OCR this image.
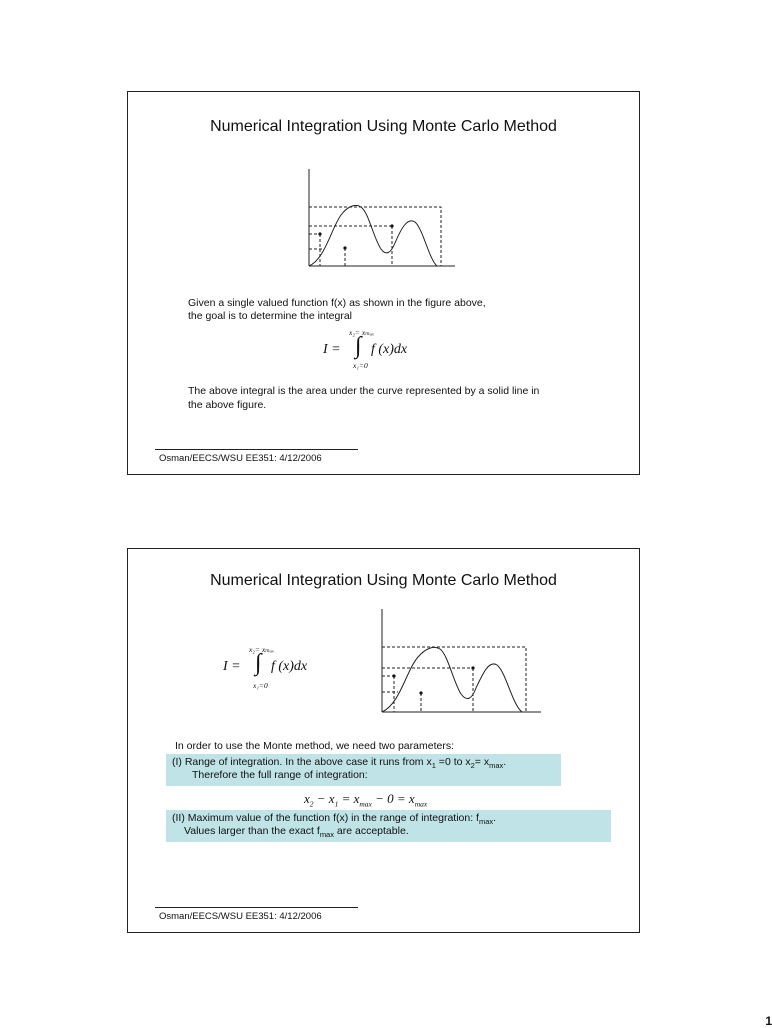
Numerical Integration Using Monte Carlo Method
Given a single valued function f(x) as shown in the figure above,
the goal is to determine the integral
I =
x₂= xₘₐₓ
∫
x₁=0
f (x)dx
The above integral is the area under the curve represented by a solid line in
the above figure.
Osman/EECS/WSU EE351: 4/12/2006
Numerical Integration Using Monte Carlo Method
I =
x₂= xₘₐₓ
∫
x₁=0
f (x)dx
In order to use the Monte method, we need two parameters:
(I) Range of integration. In the above case it runs from $x_1 =0$ to $x_2= x_{max}$.
Therefore the full range of integration:
$x_2 - x_1 = x_{max} - 0 = x_{max}$
(II) Maximum value of the function f(x) in the range of integration: $f_{max}$.
Values larger than the exact $f_{max}$ are acceptable.
Osman/EECS/WSU EE351: 4/12/2006
1
